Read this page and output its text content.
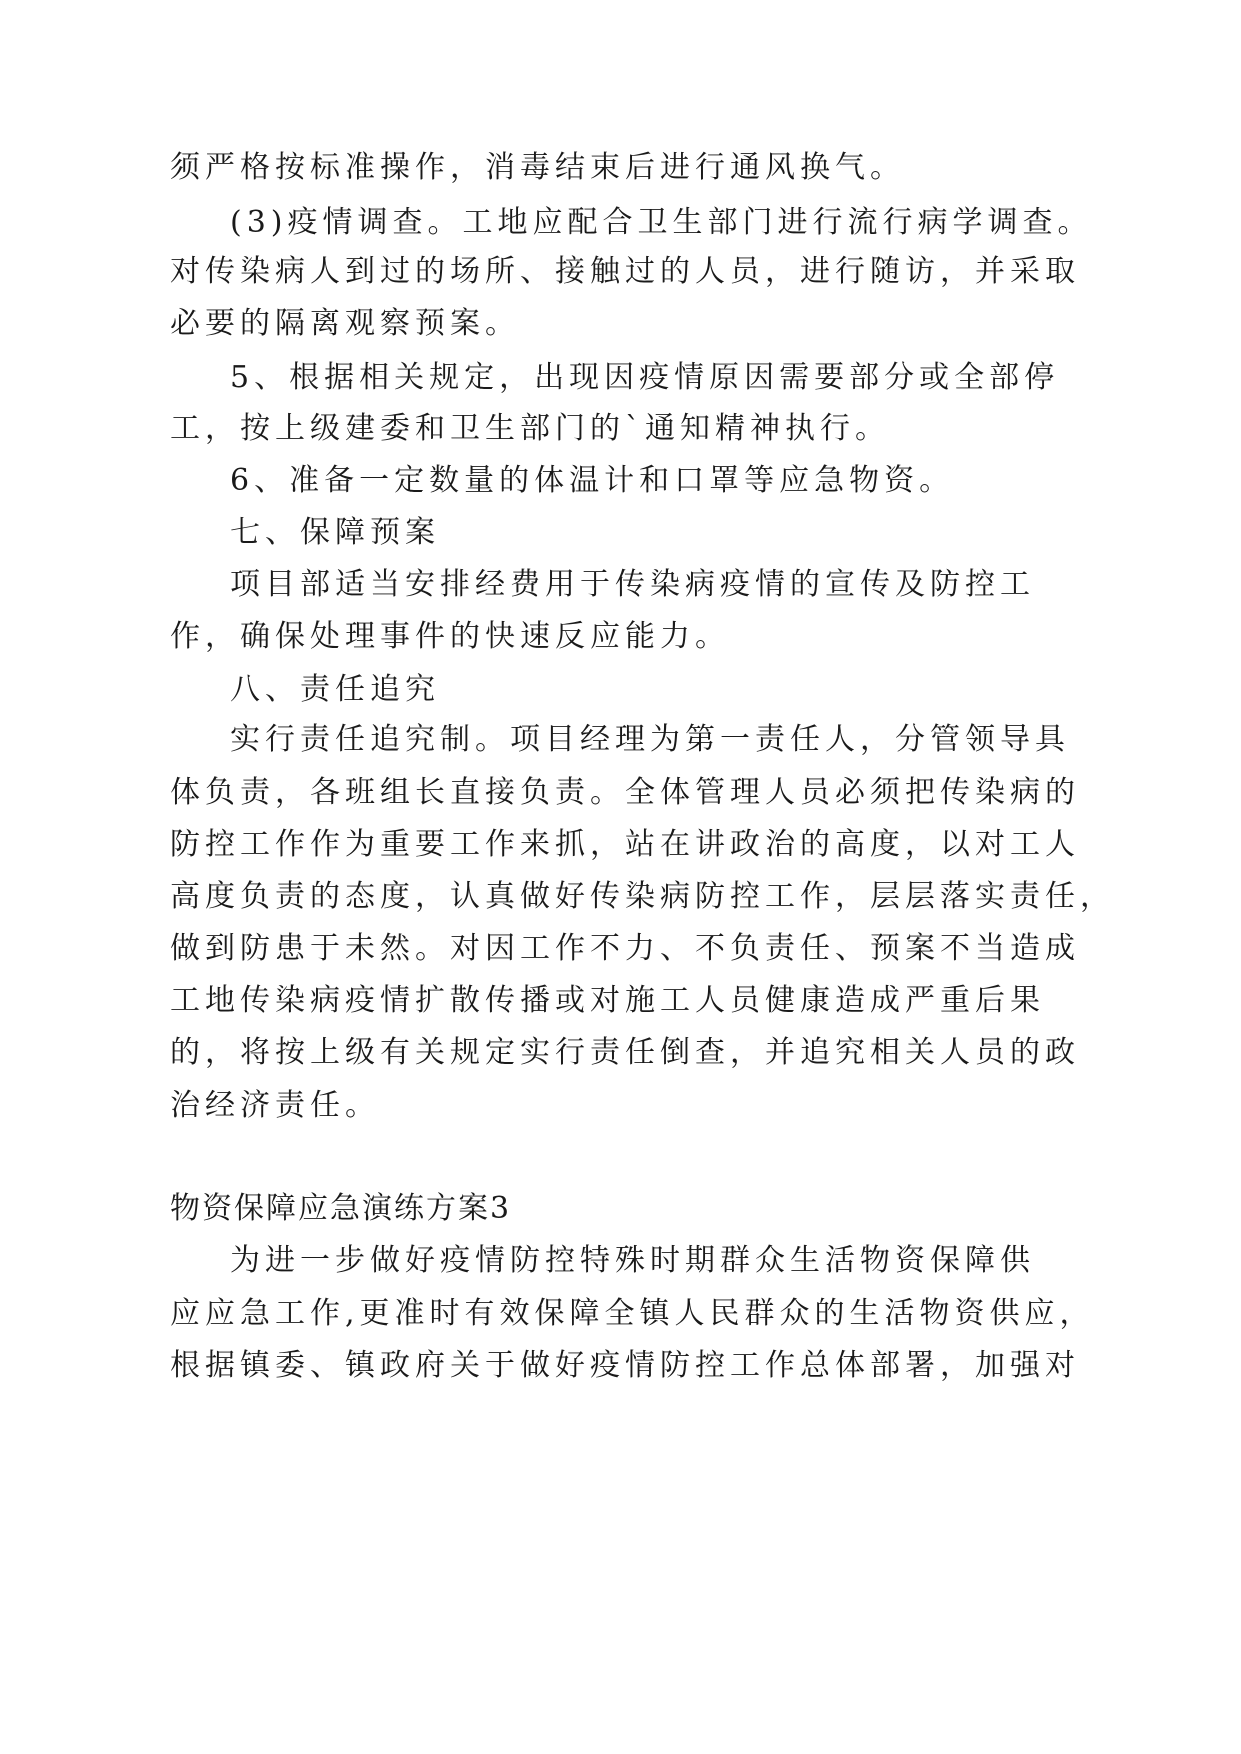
须严格按标准操作，消毒结束后进行通风换气。
(3)疫情调查。工地应配合卫生部门进行流行病学调查。
对传染病人到过的场所、接触过的人员，进行随访，并采取
必要的隔离观察预案。
5、根据相关规定，出现因疫情原因需要部分或全部停
工，按上级建委和卫生部门的`通知精神执行。
6、准备一定数量的体温计和口罩等应急物资。
七、保障预案
项目部适当安排经费用于传染病疫情的宣传及防控工
作，确保处理事件的快速反应能力。
八、责任追究
实行责任追究制。项目经理为第一责任人，分管领导具
体负责，各班组长直接负责。全体管理人员必须把传染病的
防控工作作为重要工作来抓，站在讲政治的高度，以对工人
高度负责的态度，认真做好传染病防控工作，层层落实责任，
做到防患于未然。对因工作不力、不负责任、预案不当造成
工地传染病疫情扩散传播或对施工人员健康造成严重后果
的，将按上级有关规定实行责任倒查，并追究相关人员的政
治经济责任。
物资保障应急演练方案3
为进一步做好疫情防控特殊时期群众生活物资保障供
应应急工作,更准时有效保障全镇人民群众的生活物资供应，
根据镇委、镇政府关于做好疫情防控工作总体部署，加强对
